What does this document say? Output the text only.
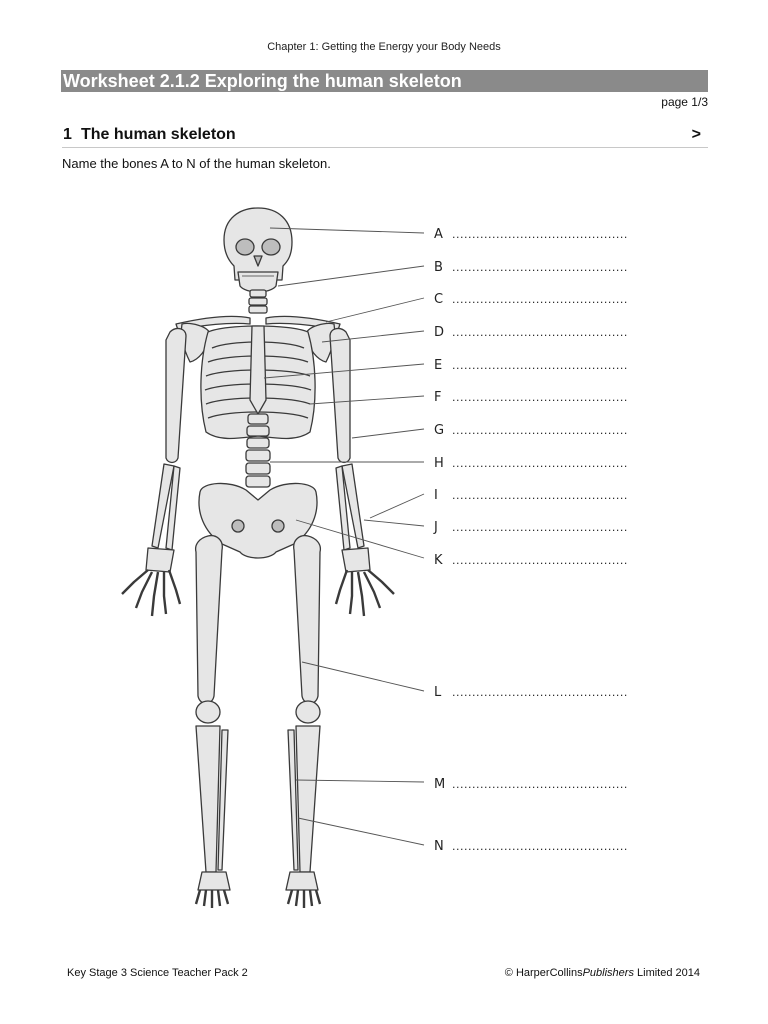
Chapter 1: Getting the Energy your Body Needs
Worksheet 2.1.2 Exploring the human skeleton
page 1/3
1 The human skeleton	>
Name the bones A to N of the human skeleton.
A
B
C
D
E
F
G
H
I
J
K
L
M
N
............................................
............................................
............................................
............................................
............................................
............................................
............................................
............................................
............................................
............................................
............................................
............................................
............................................
............................................
Key Stage 3 Science Teacher Pack 2	© HarperCollinsPublishers Limited 2014
